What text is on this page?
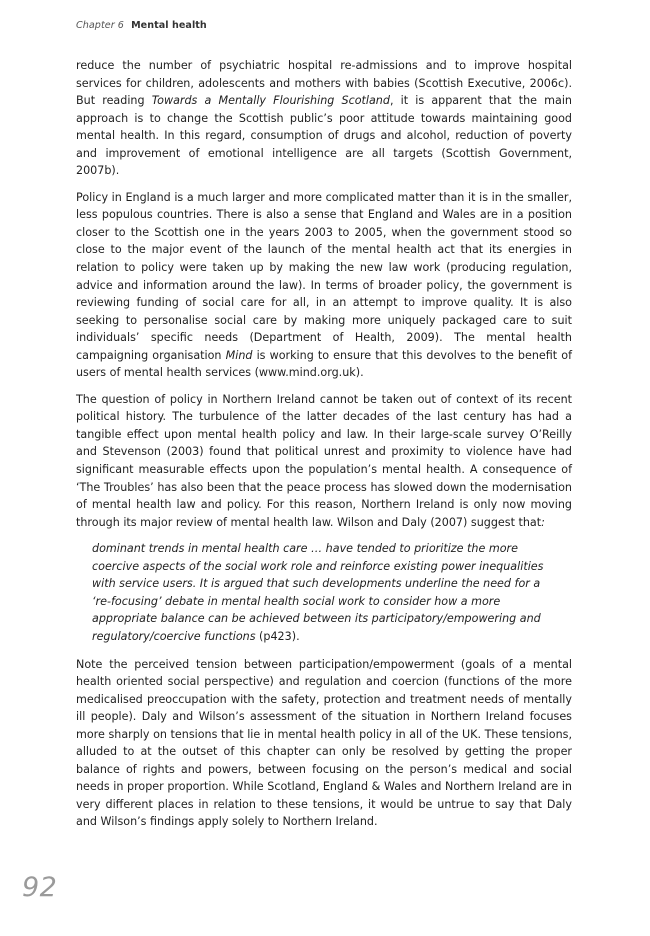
Chapter 6 Mental health

reduce the number of psychiatric hospital re-admissions and to improve hospital services for children, adolescents and mothers with babies (Scottish Executive, 2006c). But reading Towards a Mentally Flourishing Scotland, it is apparent that the main approach is to change the Scottish public’s poor attitude towards maintaining good mental health. In this regard, consumption of drugs and alcohol, reduction of poverty and improvement of emotional intelligence are all targets (Scottish Government, 2007b).

Policy in England is a much larger and more complicated matter than it is in the smaller, less populous countries. There is also a sense that England and Wales are in a position closer to the Scottish one in the years 2003 to 2005, when the government stood so close to the major event of the launch of the mental health act that its energies in relation to policy were taken up by making the new law work (producing regulation, advice and information around the law). In terms of broader policy, the government is reviewing funding of social care for all, in an attempt to improve quality. It is also seeking to personalise social care by making more uniquely packaged care to suit individuals’ specific needs (Department of Health, 2009). The mental health campaigning organisation Mind is working to ensure that this devolves to the benefit of users of mental health services (www.mind.org.uk).

The question of policy in Northern Ireland cannot be taken out of context of its recent political history. The turbulence of the latter decades of the last century has had a tangible effect upon mental health policy and law. In their large-scale survey O’Reilly and Stevenson (2003) found that political unrest and proximity to violence have had significant measurable effects upon the population’s mental health. A consequence of ‘The Troubles’ has also been that the peace process has slowed down the modernisation of mental health law and policy. For this reason, Northern Ireland is only now moving through its major review of mental health law. Wilson and Daly (2007) suggest that:

dominant trends in mental health care … have tended to prioritize the more coercive aspects of the social work role and reinforce existing power inequalities with service users. It is argued that such developments underline the need for a ‘re-focusing’ debate in mental health social work to consider how a more appropriate balance can be achieved between its participatory/empowering and regulatory/coercive functions (p423).

Note the perceived tension between participation/empowerment (goals of a mental health oriented social perspective) and regulation and coercion (functions of the more medicalised preoccupation with the safety, protection and treatment needs of mentally ill people). Daly and Wilson’s assessment of the situation in Northern Ireland focuses more sharply on tensions that lie in mental health policy in all of the UK. These tensions, alluded to at the outset of this chapter can only be resolved by getting the proper balance of rights and powers, between focusing on the person’s medical and social needs in proper proportion. While Scotland, England & Wales and Northern Ireland are in very different places in relation to these tensions, it would be untrue to say that Daly and Wilson’s findings apply solely to Northern Ireland.

92
